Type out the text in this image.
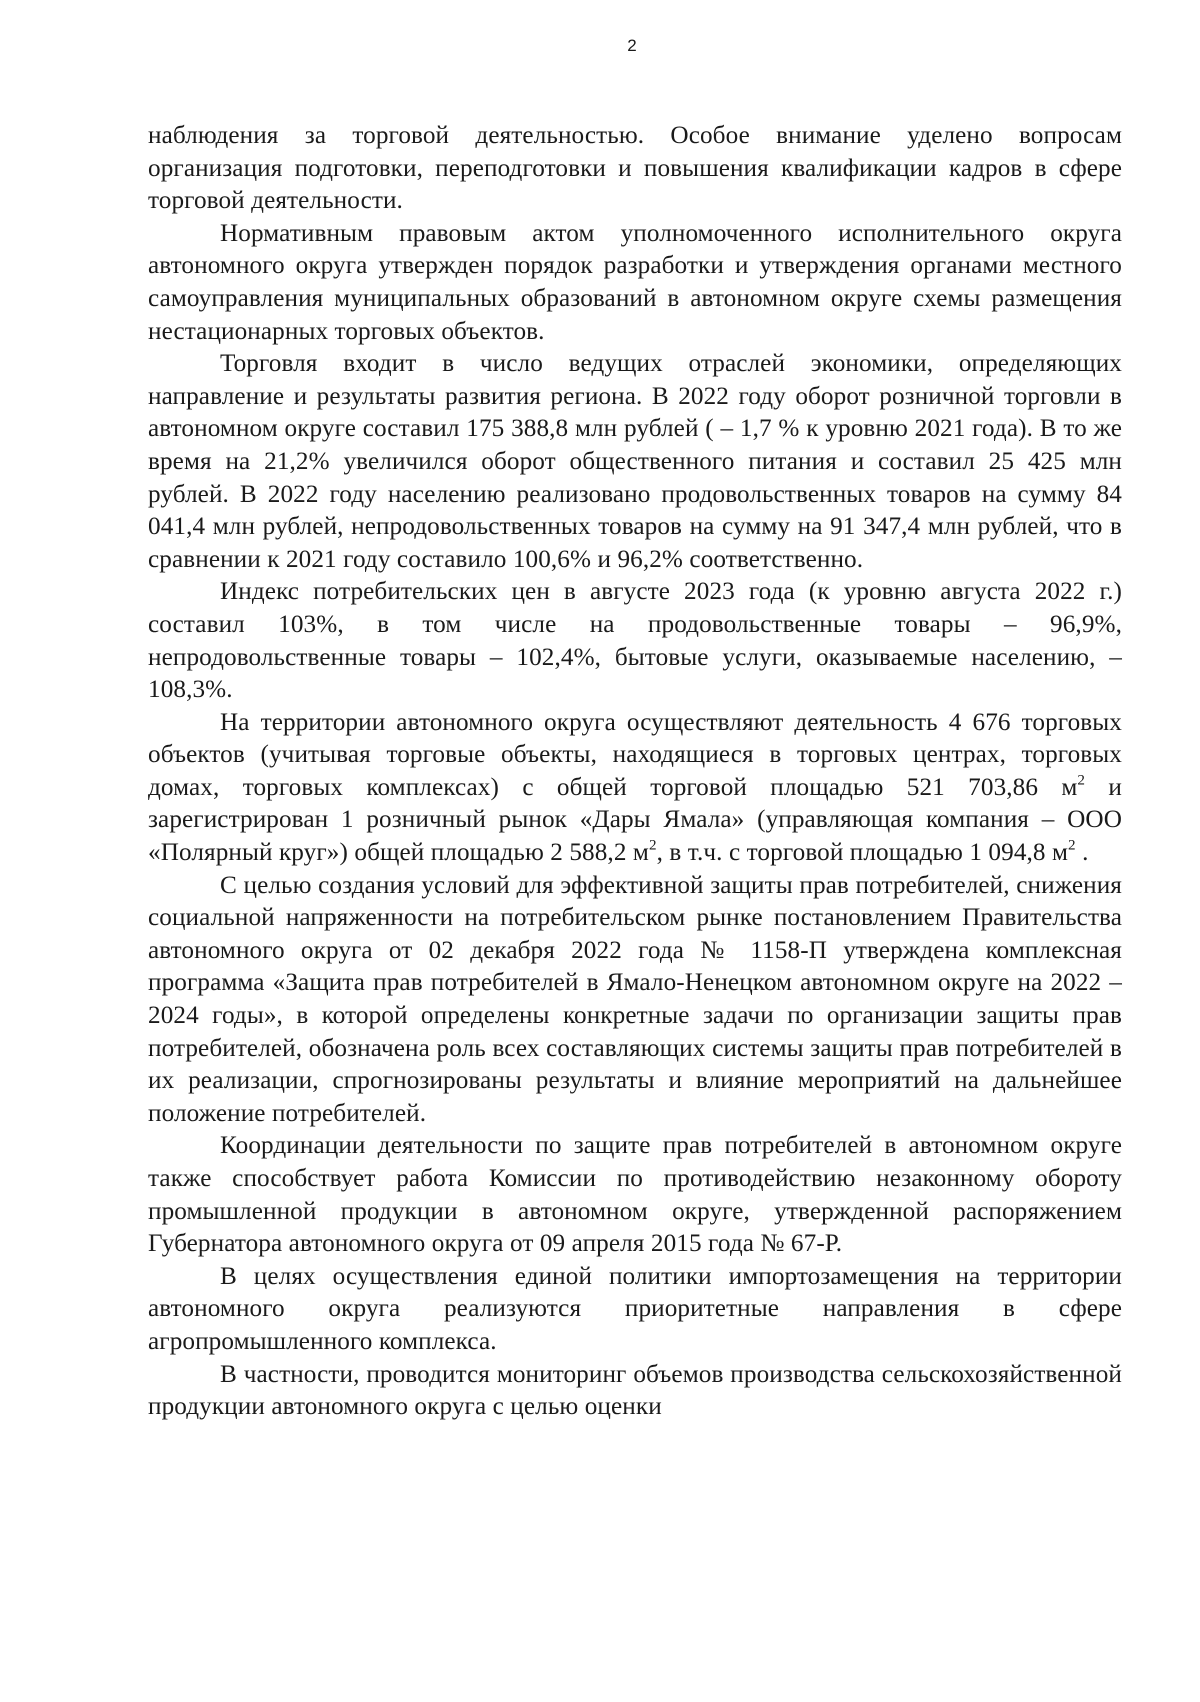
2

наблюдения за торговой деятельностью. Особое внимание уделено вопросам организация подготовки, переподготовки и повышения квалификации кадров в сфере торговой деятельности.

Нормативным правовым актом уполномоченного исполнительного округа автономного округа утвержден порядок разработки и утверждения органами местного самоуправления муниципальных образований в автономном округе схемы размещения нестационарных торговых объектов.

Торговля входит в число ведущих отраслей экономики, определяющих направление и результаты развития региона. В 2022 году оборот розничной торговли в автономном округе составил 175 388,8 млн рублей ( – 1,7 % к уровню 2021 года). В то же время на 21,2% увеличился оборот общественного питания и составил 25 425 млн рублей. В 2022 году населению реализовано продовольственных товаров на сумму 84 041,4 млн рублей, непродовольственных товаров на сумму на 91 347,4 млн рублей, что в сравнении к 2021 году составило 100,6% и 96,2% соответственно.

Индекс потребительских цен в августе 2023 года (к уровню августа 2022 г.) составил 103%, в том числе на продовольственные товары – 96,9%, непродовольственные товары – 102,4%, бытовые услуги, оказываемые населению, – 108,3%.

На территории автономного округа осуществляют деятельность 4 676 торговых объектов (учитывая торговые объекты, находящиеся в торговых центрах, торговых домах, торговых комплексах) с общей торговой площадью 521 703,86 $м^2$ и зарегистрирован 1 розничный рынок «Дары Ямала» (управляющая компания – ООО «Полярный круг») общей площадью 2 588,2 $м^2$, в т.ч. с торговой площадью 1 094,8 $м^2$ .

С целью создания условий для эффективной защиты прав потребителей, снижения социальной напряженности на потребительском рынке постановлением Правительства автономного округа от 02 декабря 2022 года № 1158-П утверждена комплексная программа «Защита прав потребителей в Ямало-Ненецком автономном округе на 2022 – 2024 годы», в которой определены конкретные задачи по организации защиты прав потребителей, обозначена роль всех составляющих системы защиты прав потребителей в их реализации, спрогнозированы результаты и влияние мероприятий на дальнейшее положение потребителей.

Координации деятельности по защите прав потребителей в автономном округе также способствует работа Комиссии по противодействию незаконному обороту промышленной продукции в автономном округе, утвержденной распоряжением Губернатора автономного округа от 09 апреля 2015 года № 67-Р.

В целях осуществления единой политики импортозамещения на территории автономного округа реализуются приоритетные направления в сфере агропромышленного комплекса.

В частности, проводится мониторинг объемов производства сельскохозяйственной продукции автономного округа с целью оценки
